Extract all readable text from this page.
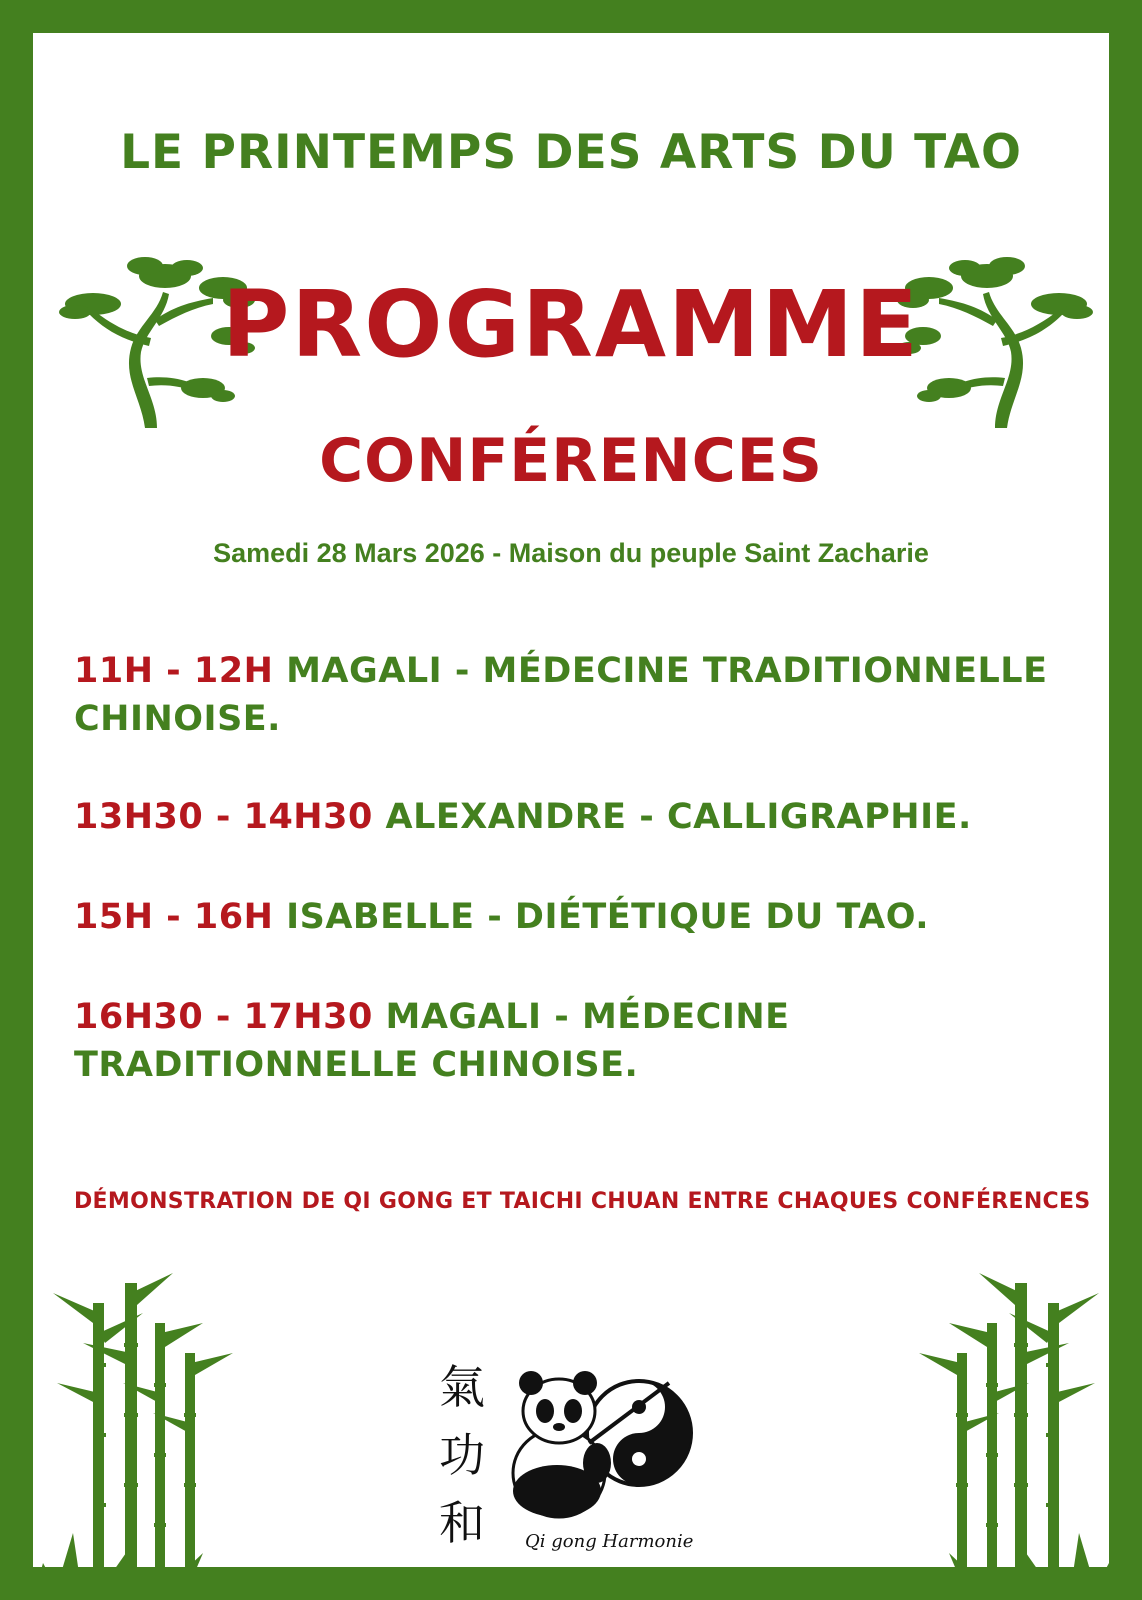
LE PRINTEMPS DES ARTS DU TAO
PROGRAMME
CONFÉRENCES

Samedi 28 Mars 2026 - Maison du peuple Saint Zacharie

11H - 12H MAGALI - MÉDECINE TRADITIONNELLE CHINOISE.
13H30 - 14H30 ALEXANDRE - CALLIGRAPHIE.
15H - 16H ISABELLE - DIÉTÉTIQUE DU TAO.
16H30 - 17H30 MAGALI - MÉDECINE TRADITIONNELLE CHINOISE.

DÉMONSTRATION DE QI GONG ET TAICHI CHUAN ENTRE CHAQUES CONFÉRENCES

氣
功
和 Qi gong Harmonie
